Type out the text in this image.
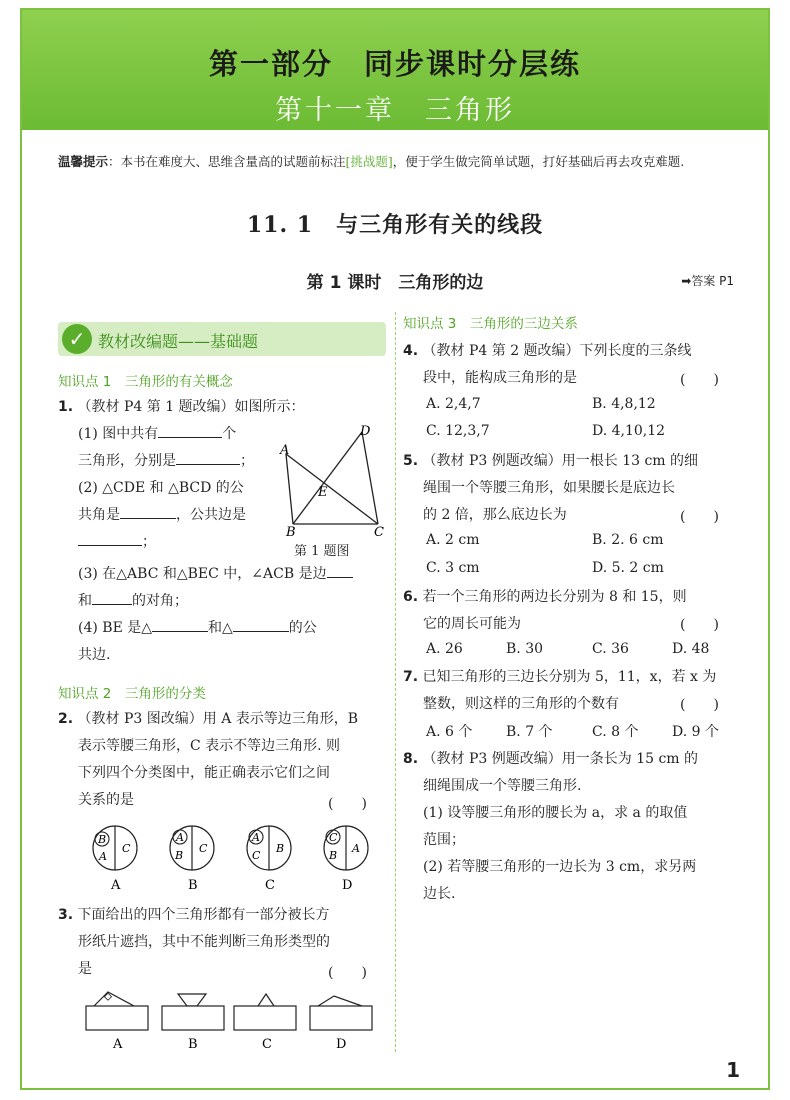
第一部分　同步课时分层练
第十一章　三角形
温馨提示：本书在难度大、思维含量高的试题前标注[挑战题]，便于学生做完简单试题，打好基础后再去攻克难题.
11. 1　与三角形有关的线段
第 1 课时　三角形的边	➡答案 P1
✓ 教材改编题——基础题
知识点 1　三角形的有关概念
1. （教材 P4 第 1 题改编）如图所示：
(1) 图中共有	个
三角形，分别是	；
(2) △CDE 和 △BCD 的公
共角是	，公共边是
；
A
B	C
D
E
第 1 题图
(3) 在△ABC 和△BEC 中，∠ACB 是边
和	的对角；
(4) BE 是△	和△	的公
共边.
知识点 2　三角形的分类
2. （教材 P3 图改编）用 A 表示等边三角形，B
表示等腰三角形，C 表示不等边三角形. 则
下列四个分类图中，能正确表示它们之间
关系的是	(　　)
B
A
C
A
A
B
C
B
A
C
B
C
C
B
A
D
3. 下面给出的四个三角形都有一部分被长方
形纸片遮挡，其中不能判断三角形类型的
是	(　　)
A	B	C	D
知识点 3　三角形的三边关系
4. （教材 P4 第 2 题改编）下列长度的三条线
段中，能构成三角形的是	(　　)
A. 2,4,7	B. 4,8,12
C. 12,3,7	D. 4,10,12
5. （教材 P3 例题改编）用一根长 13 cm 的细
绳围一个等腰三角形，如果腰长是底边长
的 2 倍，那么底边长为	(　　)
A. 2 cm	B. 2. 6 cm
C. 3 cm	D. 5. 2 cm
6. 若一个三角形的两边长分别为 8 和 15，则
它的周长可能为	(　　)
A. 26	B. 30	C. 36	D. 48
7. 已知三角形的三边长分别为 5，11，x，若 x 为
整数，则这样的三角形的个数有	(　　)
A. 6 个 B. 7 个	C. 8 个 D. 9 个
8. （教材 P3 例题改编）用一条长为 15 cm 的
细绳围成一个等腰三角形.
(1) 设等腰三角形的腰长为 a，求 a 的取值
范围；
(2) 若等腰三角形的一边长为 3 cm，求另两
边长.
1
